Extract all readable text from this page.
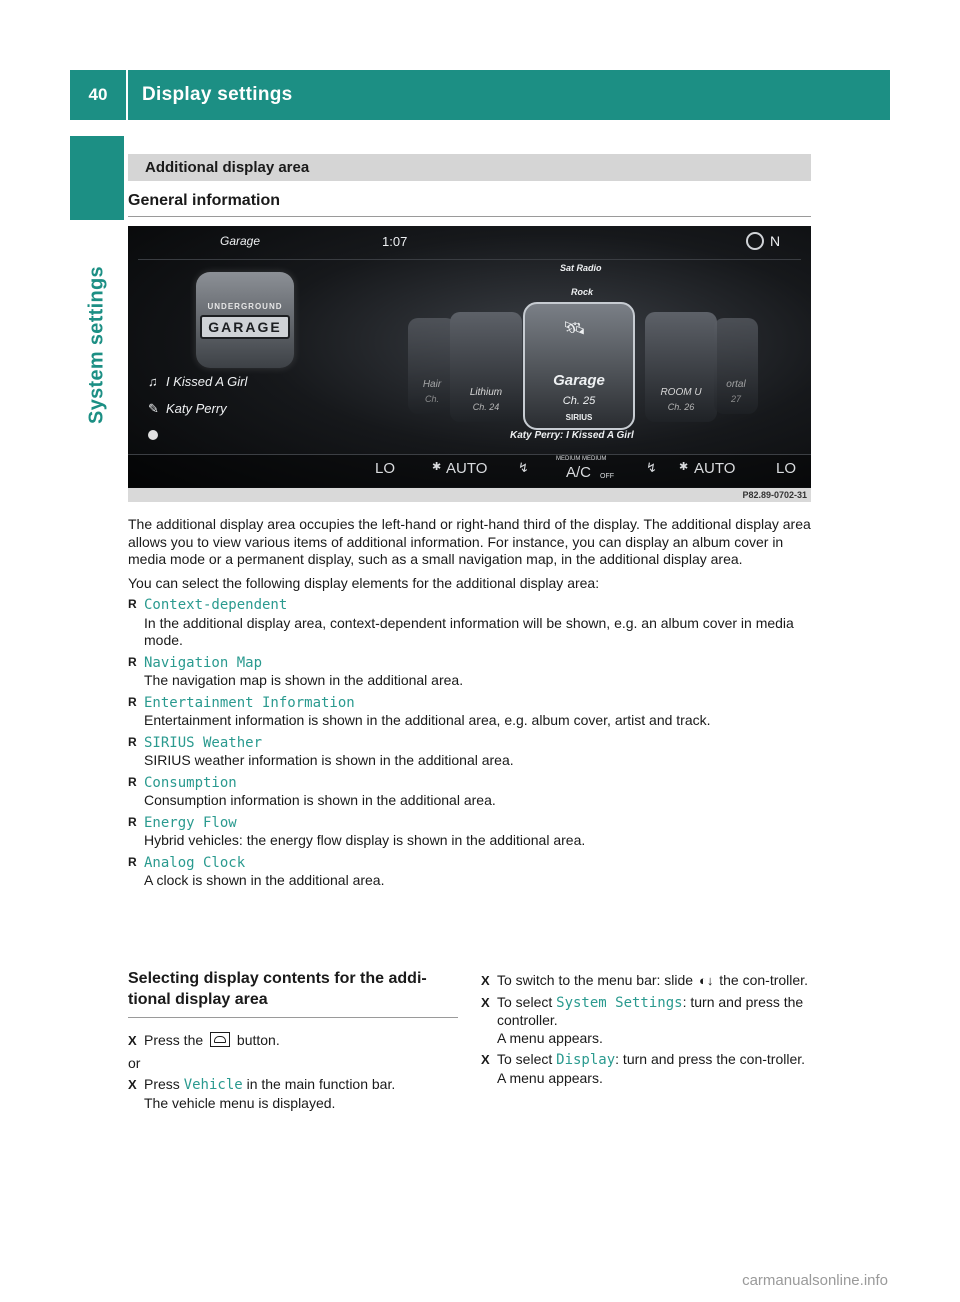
40	Display settings
System settings
Additional display area
General information
Garage	1:07	N
Sat Radio
Rock
UNDERGROUND
GARAGE
Hair
Ch.
Lithium
Ch. 24
ROOM U
Ch. 26
ortal
27
🛰︎
Garage
Ch. 25
SIRIUS
♫ I Kissed A Girl
✎ Katy Perry
Katy Perry: I Kissed A Girl
LO	✱ AUTO ↯
MEDIUM MEDIUM
A/C OFF
↯ ✱ AUTO	LO
P82.89-0702-31
The additional display area occupies the left-hand or right-hand third of the display. The additional display area allows you to view various items of additional information. For instance, you can display an album cover in media mode or a permanent display, such as a small navigation map, in the additional display area.
You can select the following display elements for the additional display area:
R Context-dependent
In the additional display area, context-dependent information will be shown, e.g. an album cover in media mode.
R Navigation Map
The navigation map is shown in the additional area.
R Entertainment Information
Entertainment information is shown in the additional area, e.g. album cover, artist and track.
R SIRIUS Weather
SIRIUS weather information is shown in the additional area.
R Consumption
Consumption information is shown in the additional area.
R Energy Flow
Hybrid vehicles: the energy flow display is shown in the additional area.
R Analog Clock
A clock is shown in the additional area.
Selecting display contents for the addi-
tional display area
X Press the button.
or
X Press Vehicle in the main function bar.
The vehicle menu is displayed.
X To switch to the menu bar: slide ◐↓ the con-troller.
X To select System Settings: turn and press the controller.
A menu appears.
X To select Display: turn and press the con-troller.
A menu appears.
carmanualsonline.info
